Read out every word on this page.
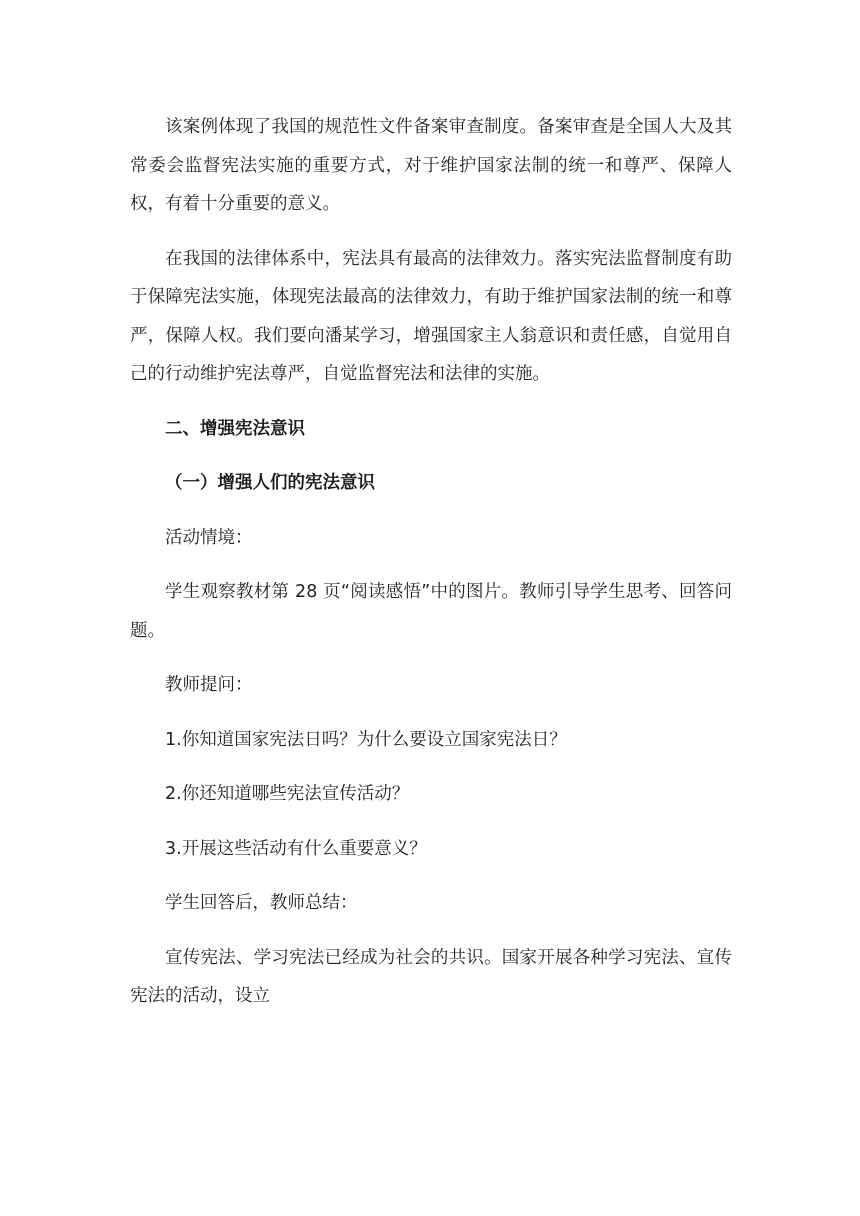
该案例体现了我国的规范性文件备案审查制度。备案审查是全国人大及其常委会监督宪法实施的重要方式，对于维护国家法制的统一和尊严、保障人权，有着十分重要的意义。

在我国的法律体系中，宪法具有最高的法律效力。落实宪法监督制度有助于保障宪法实施，体现宪法最高的法律效力，有助于维护国家法制的统一和尊严，保障人权。我们要向潘某学习，增强国家主人翁意识和责任感，自觉用自己的行动维护宪法尊严，自觉监督宪法和法律的实施。

二、增强宪法意识

（一）增强人们的宪法意识

活动情境：

学生观察教材第 28 页“阅读感悟”中的图片。教师引导学生思考、回答问题。

教师提问：

1.你知道国家宪法日吗？为什么要设立国家宪法日？

2.你还知道哪些宪法宣传活动？

3.开展这些活动有什么重要意义？

学生回答后，教师总结：

宣传宪法、学习宪法已经成为社会的共识。国家开展各种学习宪法、宣传宪法的活动，设立
